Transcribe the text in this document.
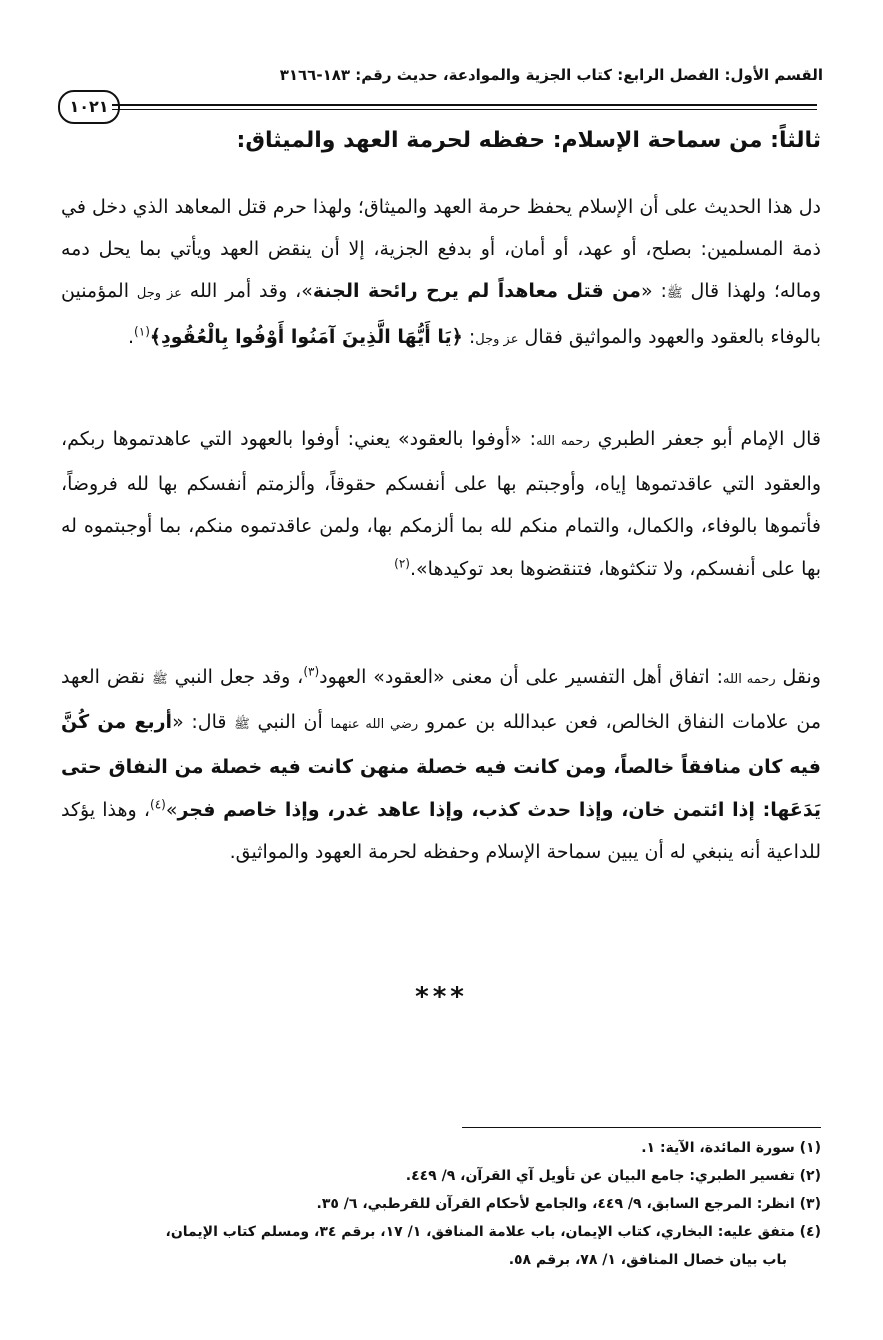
القسم الأول: الفصل الرابع: كتاب الجزية والموادعة، حديث رقم: ١٨٣-٣١٦٦
١٠٢١
ثالثاً: من سماحة الإسلام: حفظه لحرمة العهد والميثاق:

دل هذا الحديث على أن الإسلام يحفظ حرمة العهد والميثاق؛ ولهذا حرم قتل المعاهد الذي دخل في ذمة المسلمين: بصلح، أو عهد، أو أمان، أو بدفع الجزية، إلا أن ينقض العهد ويأتي بما يحل دمه وماله؛ ولهذا قال ﷺ: «من قتل معاهداً لم يرح رائحة الجنة»، وقد أمر الله عز وجل المؤمنين بالوفاء بالعقود والعهود والمواثيق فقال عز وجل: ﴿يَا أَيُّهَا الَّذِينَ آمَنُوا أَوْفُوا بِالْعُقُودِ﴾$^{(١)}$.

قال الإمام أبو جعفر الطبري رحمه الله: «أوفوا بالعقود» يعني: أوفوا بالعهود التي عاهدتموها ربكم، والعقود التي عاقدتموها إياه، وأوجبتم بها على أنفسكم حقوقاً، وألزمتم أنفسكم بها لله فروضاً، فأتموها بالوفاء، والكمال، والتمام منكم لله بما ألزمكم بها، ولمن عاقدتموه منكم، بما أوجبتموه له بها على أنفسكم، ولا تنكثوها، فتنقضوها بعد توكيدها».$^{(٢)}$

ونقل رحمه الله: اتفاق أهل التفسير على أن معنى «العقود» العهود$^{(٣)}$، وقد جعل النبي ﷺ نقض العهد من علامات النفاق الخالص، فعن عبدالله بن عمرو رضي الله عنهما أن النبي ﷺ قال: «أربع من كُنَّ فيه كان منافقاً خالصاً، ومن كانت فيه خصلة منهن كانت فيه خصلة من النفاق حتى يَدَعَها: إذا ائتمن خان، وإذا حدث كذب، وإذا عاهد غدر، وإذا خاصم فجر»$^{(٤)}$، وهذا يؤكد للداعية أنه ينبغي له أن يبين سماحة الإسلام وحفظه لحرمة العهود والمواثيق.

***

(١) سورة المائدة، الآية: ١.

(٢) تفسير الطبري: جامع البيان عن تأويل آي القرآن، ٩/ ٤٤٩.

(٣) انظر: المرجع السابق، ٩/ ٤٤٩، والجامع لأحكام القرآن للقرطبي، ٦/ ٣٥.

(٤) متفق عليه: البخاري، كتاب الإيمان، باب علامة المنافق، ١/ ١٧، برقم ٣٤، ومسلم كتاب الإيمان،

باب بيان خصال المنافق، ١/ ٧٨، برقم ٥٨.
